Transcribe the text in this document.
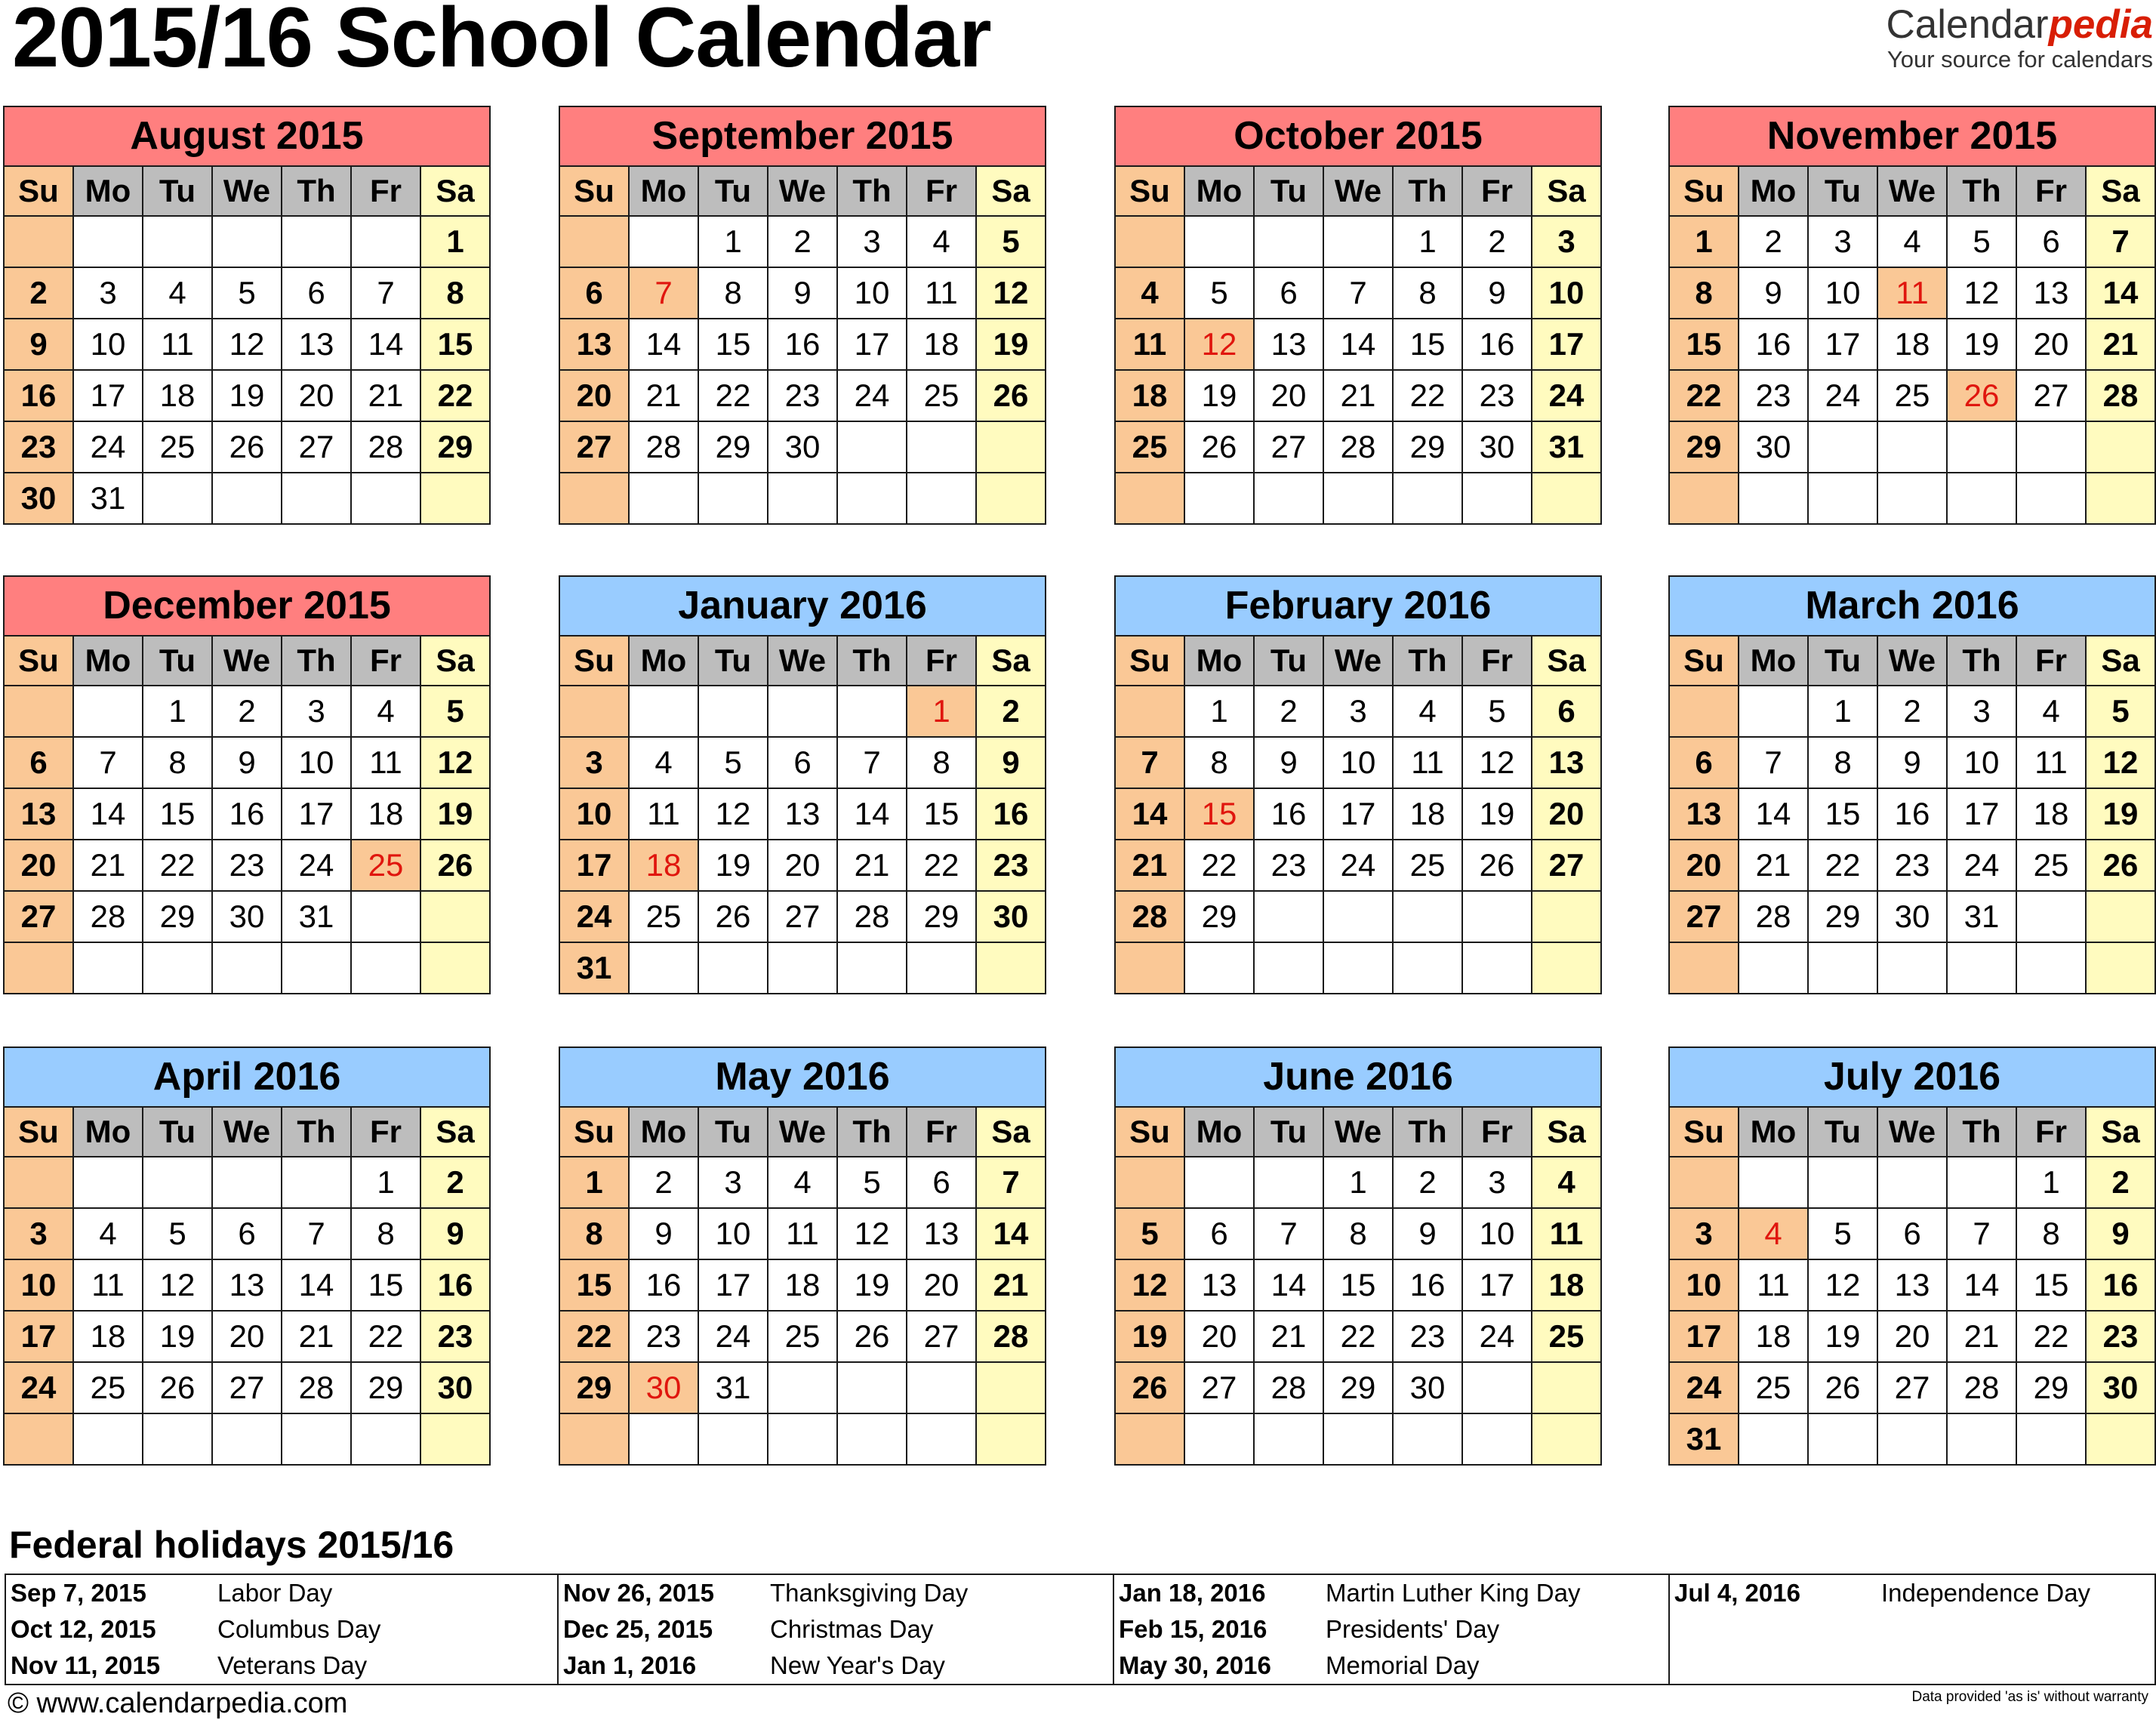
2015/16 School Calendar	Calendarpedia
Your source for calendars
August 2015						
Su	Mo	Tu	We	Th	Fr	Sa
						1
2	3	4	5	6	7	8
9	10	11	12	13	14	15
16	17	18	19	20	21	22
23	24	25	26	27	28	29
30	31					
September 2015						
Su	Mo	Tu	We	Th	Fr	Sa
		1	2	3	4	5
6	7	8	9	10	11	12
13	14	15	16	17	18	19
20	21	22	23	24	25	26
27	28	29	30			

October 2015						
Su	Mo	Tu	We	Th	Fr	Sa
				1	2	3
4	5	6	7	8	9	10
11	12	13	14	15	16	17
18	19	20	21	22	23	24
25	26	27	28	29	30	31

November 2015						
Su	Mo	Tu	We	Th	Fr	Sa
1	2	3	4	5	6	7
8	9	10	11	12	13	14
15	16	17	18	19	20	21
22	23	24	25	26	27	28
29	30					

December 2015						
Su	Mo	Tu	We	Th	Fr	Sa
		1	2	3	4	5
6	7	8	9	10	11	12
13	14	15	16	17	18	19
20	21	22	23	24	25	26
27	28	29	30	31		

January 2016						
Su	Mo	Tu	We	Th	Fr	Sa
					1	2
3	4	5	6	7	8	9
10	11	12	13	14	15	16
17	18	19	20	21	22	23
24	25	26	27	28	29	30
31						
February 2016						
Su	Mo	Tu	We	Th	Fr	Sa
	1	2	3	4	5	6
7	8	9	10	11	12	13
14	15	16	17	18	19	20
21	22	23	24	25	26	27
28	29					

March 2016						
Su	Mo	Tu	We	Th	Fr	Sa
		1	2	3	4	5
6	7	8	9	10	11	12
13	14	15	16	17	18	19
20	21	22	23	24	25	26
27	28	29	30	31		

April 2016						
Su	Mo	Tu	We	Th	Fr	Sa
					1	2
3	4	5	6	7	8	9
10	11	12	13	14	15	16
17	18	19	20	21	22	23
24	25	26	27	28	29	30

May 2016						
Su	Mo	Tu	We	Th	Fr	Sa
1	2	3	4	5	6	7
8	9	10	11	12	13	14
15	16	17	18	19	20	21
22	23	24	25	26	27	28
29	30	31				

June 2016						
Su	Mo	Tu	We	Th	Fr	Sa
			1	2	3	4
5	6	7	8	9	10	11
12	13	14	15	16	17	18
19	20	21	22	23	24	25
26	27	28	29	30		

July 2016						
Su	Mo	Tu	We	Th	Fr	Sa
					1	2
3	4	5	6	7	8	9
10	11	12	13	14	15	16
17	18	19	20	21	22	23
24	25	26	27	28	29	30
31						
Federal holidays 2015/16
Sep 7, 2015	Labor Day
Oct 12, 2015 Columbus Day
Nov 11, 2015 Veterans Day
Nov 26, 2015 Thanksgiving Day
Dec 25, 2015 Christmas Day
Jan 1, 2016	New Year's Day
Jan 18, 2016 Martin Luther King Day
Feb 15, 2016 Presidents' Day
May 30, 2016 Memorial Day
Jul 4, 2016	Independence Day
© www.calendarpedia.com	Data provided 'as is' without warranty
